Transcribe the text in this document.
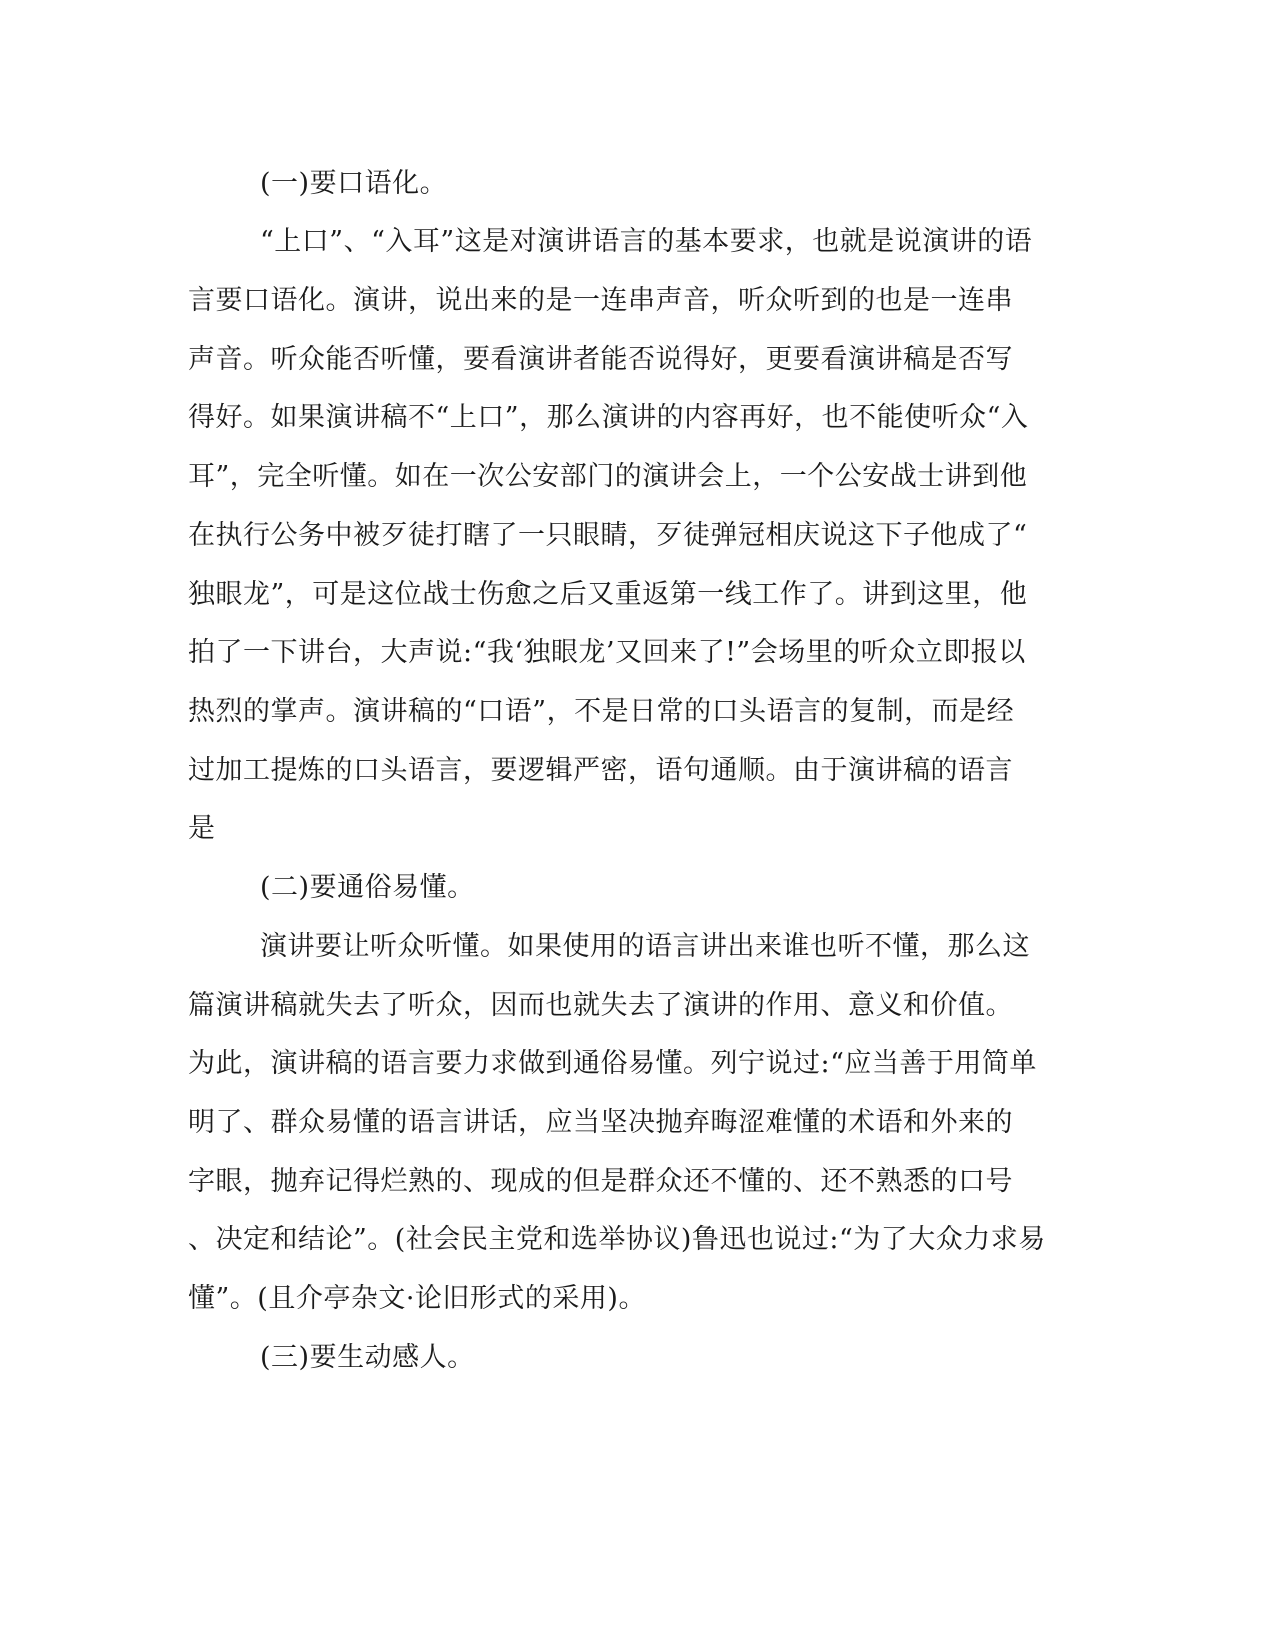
(一)要口语化。
“上口”、“入耳”这是对演讲语言的基本要求，也就是说演讲的语
言要口语化。演讲，说出来的是一连串声音，听众听到的也是一连串
声音。听众能否听懂，要看演讲者能否说得好，更要看演讲稿是否写
得好。如果演讲稿不“上口”，那么演讲的内容再好，也不能使听众“入
耳”，完全听懂。如在一次公安部门的演讲会上，一个公安战士讲到他
在执行公务中被歹徒打瞎了一只眼睛，歹徒弹冠相庆说这下子他成了“
独眼龙”，可是这位战士伤愈之后又重返第一线工作了。讲到这里，他
拍了一下讲台，大声说:“我‘独眼龙’又回来了!”会场里的听众立即报以
热烈的掌声。演讲稿的“口语”，不是日常的口头语言的复制，而是经
过加工提炼的口头语言，要逻辑严密，语句通顺。由于演讲稿的语言
是
(二)要通俗易懂。
演讲要让听众听懂。如果使用的语言讲出来谁也听不懂，那么这
篇演讲稿就失去了听众，因而也就失去了演讲的作用、意义和价值。
为此，演讲稿的语言要力求做到通俗易懂。列宁说过:“应当善于用简单
明了、群众易懂的语言讲话，应当坚决抛弃晦涩难懂的术语和外来的
字眼，抛弃记得烂熟的、现成的但是群众还不懂的、还不熟悉的口号
、决定和结论”。(社会民主党和选举协议)鲁迅也说过:“为了大众力求易
懂”。(且介亭杂文·论旧形式的采用)。
(三)要生动感人。
